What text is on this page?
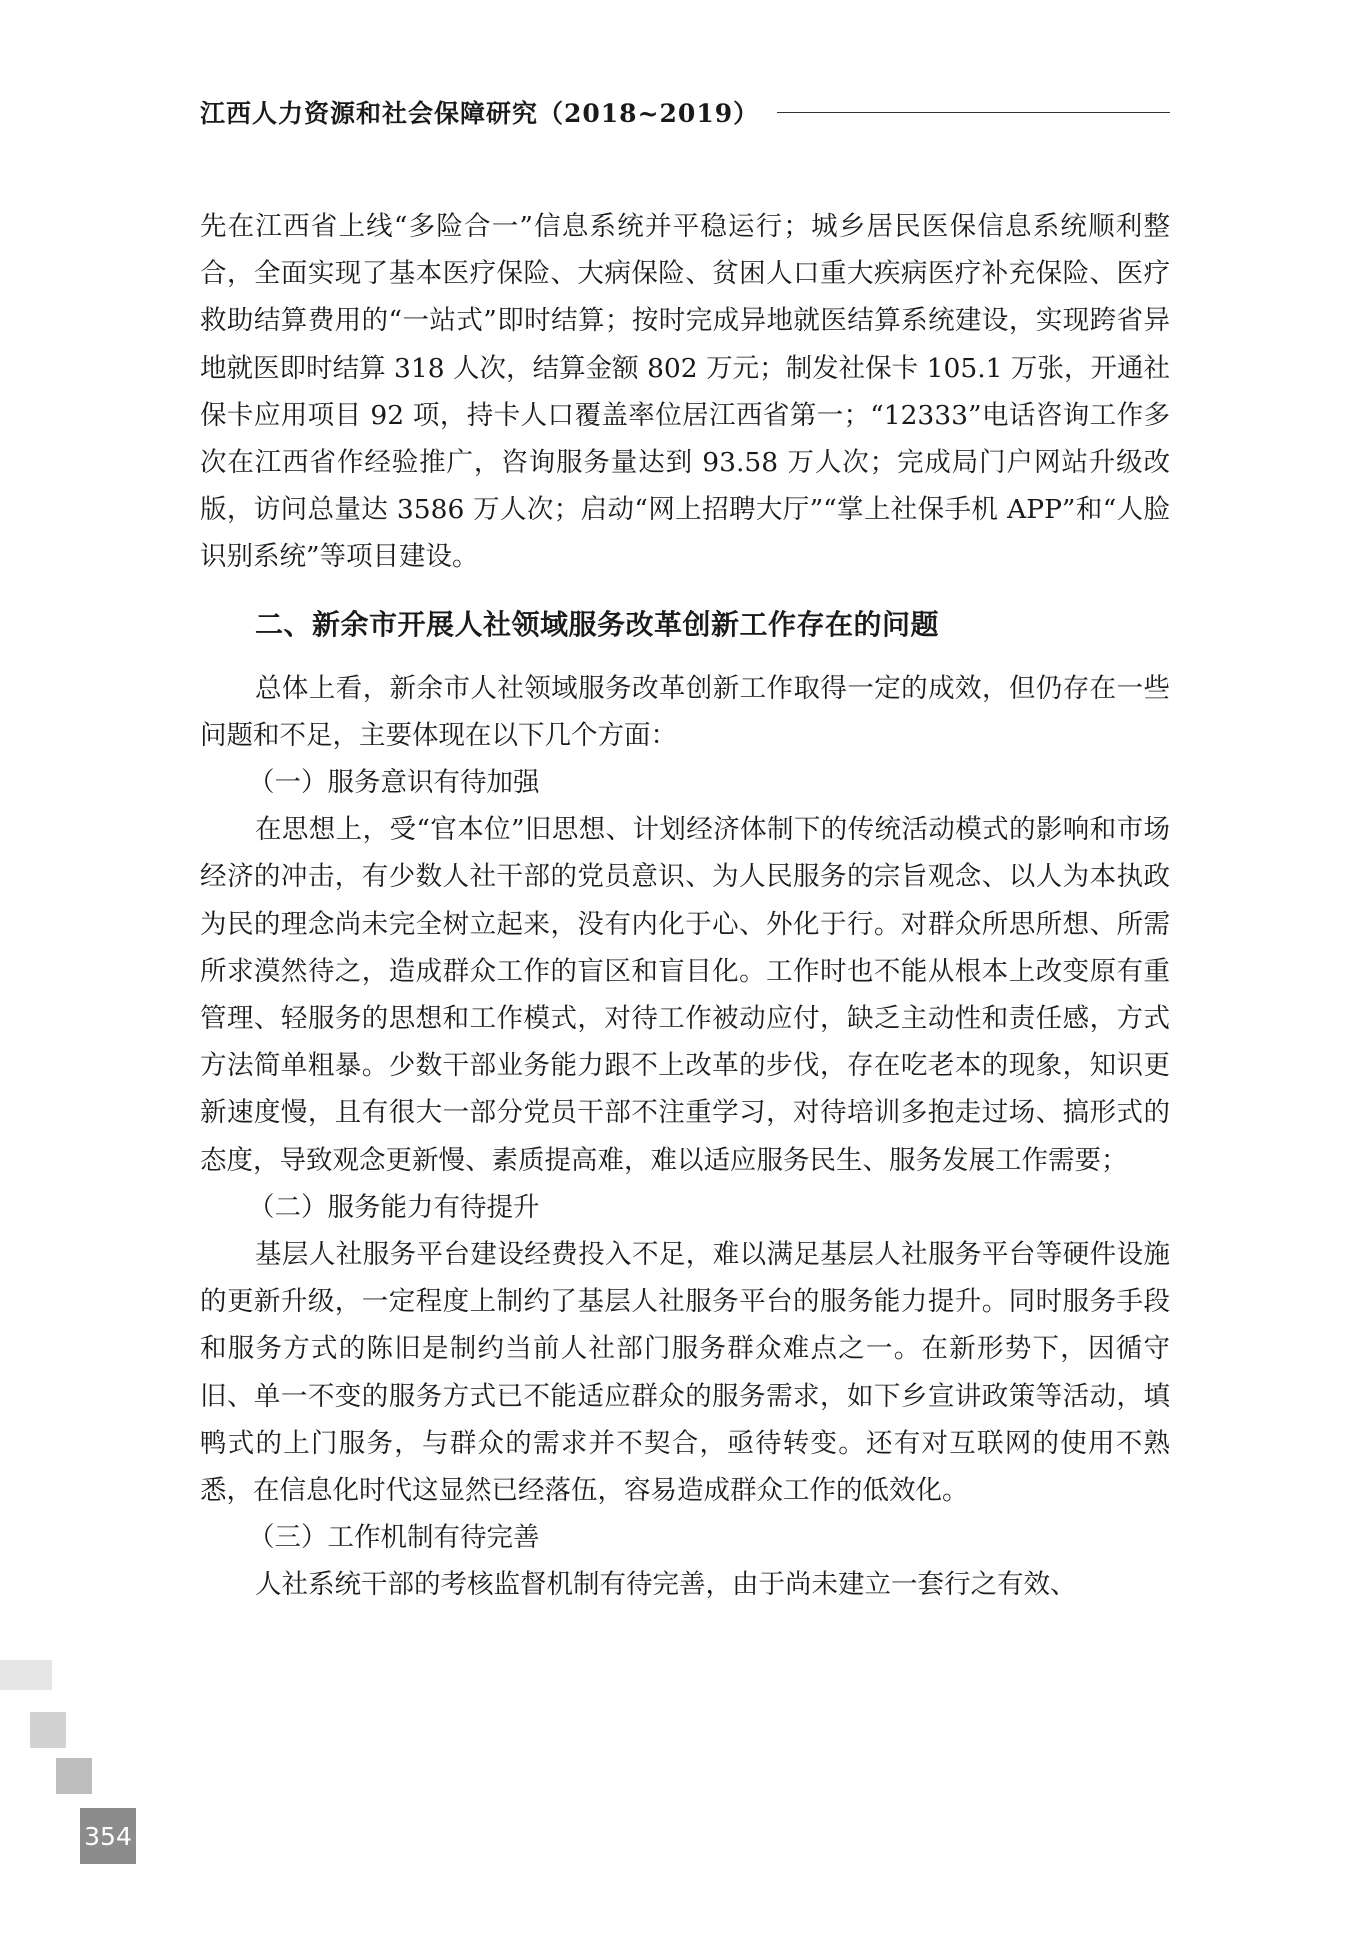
江西人力资源和社会保障研究（2018~2019）

先在江西省上线“多险合一”信息系统并平稳运行；城乡居民医保信息系统顺利整合，全面实现了基本医疗保险、大病保险、贫困人口重大疾病医疗补充保险、医疗救助结算费用的“一站式”即时结算；按时完成异地就医结算系统建设，实现跨省异地就医即时结算 318 人次，结算金额 802 万元；制发社保卡 105.1 万张，开通社保卡应用项目 92 项，持卡人口覆盖率位居江西省第一；“12333”电话咨询工作多次在江西省作经验推广，咨询服务量达到 93.58 万人次；完成局门户网站升级改版，访问总量达 3586 万人次；启动“网上招聘大厅”“掌上社保手机 APP”和“人脸识别系统”等项目建设。

二、新余市开展人社领域服务改革创新工作存在的问题

总体上看，新余市人社领域服务改革创新工作取得一定的成效，但仍存在一些问题和不足，主要体现在以下几个方面：

（一）服务意识有待加强

在思想上，受“官本位”旧思想、计划经济体制下的传统活动模式的影响和市场经济的冲击，有少数人社干部的党员意识、为人民服务的宗旨观念、以人为本执政为民的理念尚未完全树立起来，没有内化于心、外化于行。对群众所思所想、所需所求漠然待之，造成群众工作的盲区和盲目化。工作时也不能从根本上改变原有重管理、轻服务的思想和工作模式，对待工作被动应付，缺乏主动性和责任感，方式方法简单粗暴。少数干部业务能力跟不上改革的步伐，存在吃老本的现象，知识更新速度慢，且有很大一部分党员干部不注重学习，对待培训多抱走过场、搞形式的态度，导致观念更新慢、素质提高难，难以适应服务民生、服务发展工作需要；

（二）服务能力有待提升

基层人社服务平台建设经费投入不足，难以满足基层人社服务平台等硬件设施的更新升级，一定程度上制约了基层人社服务平台的服务能力提升。同时服务手段和服务方式的陈旧是制约当前人社部门服务群众难点之一。在新形势下，因循守旧、单一不变的服务方式已不能适应群众的服务需求，如下乡宣讲政策等活动，填鸭式的上门服务，与群众的需求并不契合，亟待转变。还有对互联网的使用不熟悉，在信息化时代这显然已经落伍，容易造成群众工作的低效化。

（三）工作机制有待完善

人社系统干部的考核监督机制有待完善，由于尚未建立一套行之有效、

354
